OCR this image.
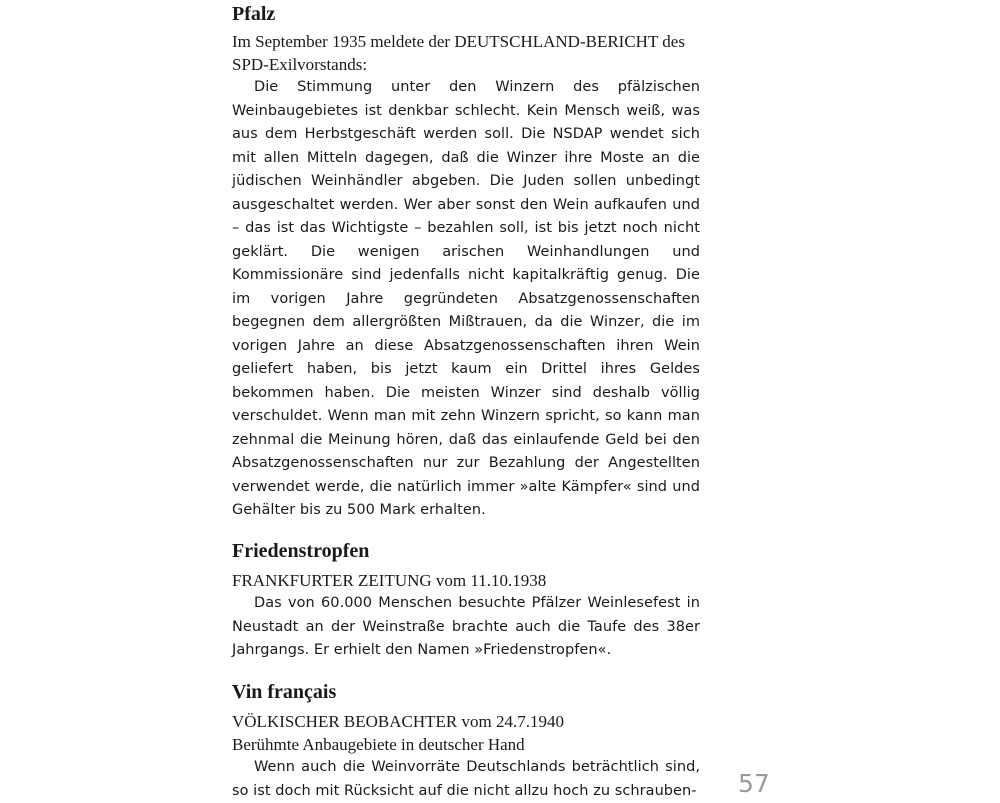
Pfalz

Im September 1935 meldete der DEUTSCHLAND-BERICHT des SPD-Exilvorstands:

Die Stimmung unter den Winzern des pfälzischen Weinbaugebietes ist denkbar schlecht. Kein Mensch weiß, was aus dem Herbstgeschäft werden soll. Die NSDAP wendet sich mit allen Mitteln dagegen, daß die Winzer ihre Moste an die jüdischen Weinhändler abgeben. Die Juden sollen unbedingt ausgeschaltet werden. Wer aber sonst den Wein aufkaufen und – das ist das Wichtigste – bezahlen soll, ist bis jetzt noch nicht geklärt. Die wenigen arischen Weinhandlungen und Kommissionäre sind jedenfalls nicht kapitalkräftig genug. Die im vorigen Jahre gegründeten Absatzgenossenschaften begegnen dem allergrößten Mißtrauen, da die Winzer, die im vorigen Jahre an diese Absatzgenossenschaften ihren Wein geliefert haben, bis jetzt kaum ein Drittel ihres Geldes bekommen haben. Die meisten Winzer sind deshalb völlig verschuldet. Wenn man mit zehn Winzern spricht, so kann man zehnmal die Meinung hören, daß das einlaufende Geld bei den Absatzgenossenschaften nur zur Bezahlung der Angestellten verwendet werde, die natürlich immer »alte Kämpfer« sind und Gehälter bis zu 500 Mark erhalten.

Friedenstropfen

FRANKFURTER ZEITUNG vom 11.10.1938

Das von 60.000 Menschen besuchte Pfälzer Weinlesefest in Neustadt an der Weinstraße brachte auch die Taufe des 38er Jahrgangs. Er erhielt den Namen »Friedenstropfen«.

Vin français

VÖLKISCHER BEOBACHTER vom 24.7.1940

Berühmte Anbaugebiete in deutscher Hand

Wenn auch die Weinvorräte Deutschlands beträchtlich sind, so ist doch mit Rücksicht auf die nicht allzu hoch zu schrauben- 57
